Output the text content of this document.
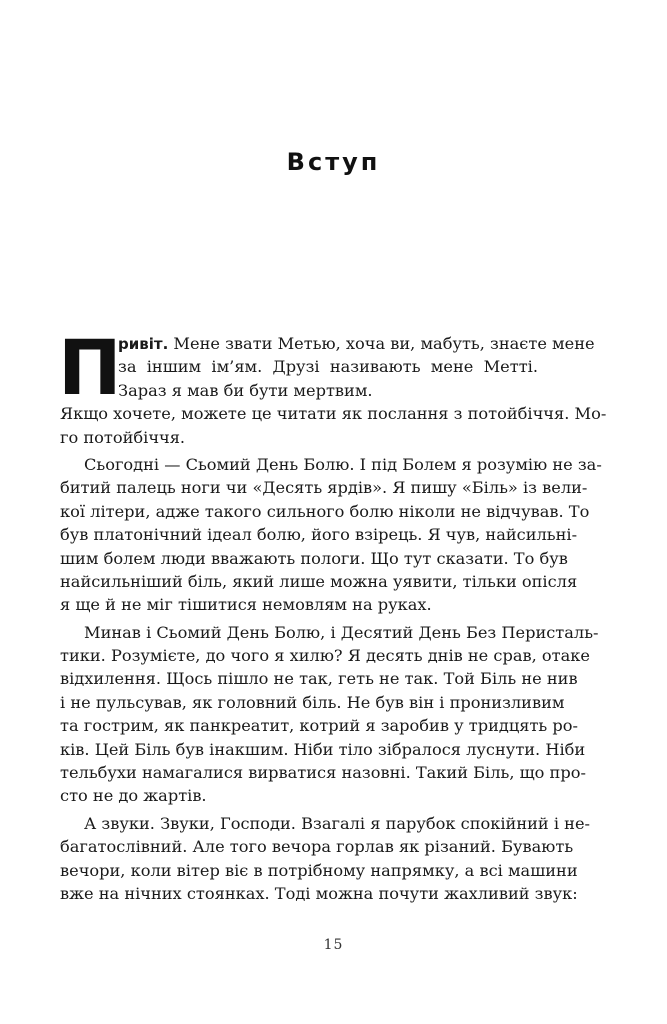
Вступ
П
ривіт. Мене звати Метью, хоча ви, мабуть, знаєте мене
за іншим ім’ям. Друзі називають мене Метті.
Зараз я мав би бути мертвим.
Якщо хочете, можете це читати як послання з потойбіччя. Мо-
го потойбіччя.
Сьогодні — Сьомий День Болю. І під Болем я розумію не за-
битий палець ноги чи «Десять ярдів». Я пишу «Біль» із вели-
кої літери, адже такого сильного болю ніколи не відчував. То
був платонічний ідеал болю, його взірець. Я чув, найсильні-
шим болем люди вважають пологи. Що тут сказати. То був
найсильніший біль, який лише можна уявити, тільки опісля
я ще й не міг тішитися немовлям на руках.
Минав і Сьомий День Болю, і Десятий День Без Перисталь-
тики. Розумієте, до чого я хилю? Я десять днів не срав, отаке
відхилення. Щось пішло не так, геть не так. Той Біль не нив
і не пульсував, як головний біль. Не був він і пронизливим
та гострим, як панкреатит, котрий я заробив у тридцять ро-
ків. Цей Біль був інакшим. Ніби тіло зібралося луснути. Ніби
тельбухи намагалися вирватися назовні. Такий Біль, що про-
сто не до жартів.
А звуки. Звуки, Господи. Взагалі я парубок спокійний і не-
багатослівний. Але того вечора горлав як різаний. Бувають
вечори, коли вітер віє в потрібному напрямку, а всі машини
вже на нічних стоянках. Тоді можна почути жахливий звук:
15
